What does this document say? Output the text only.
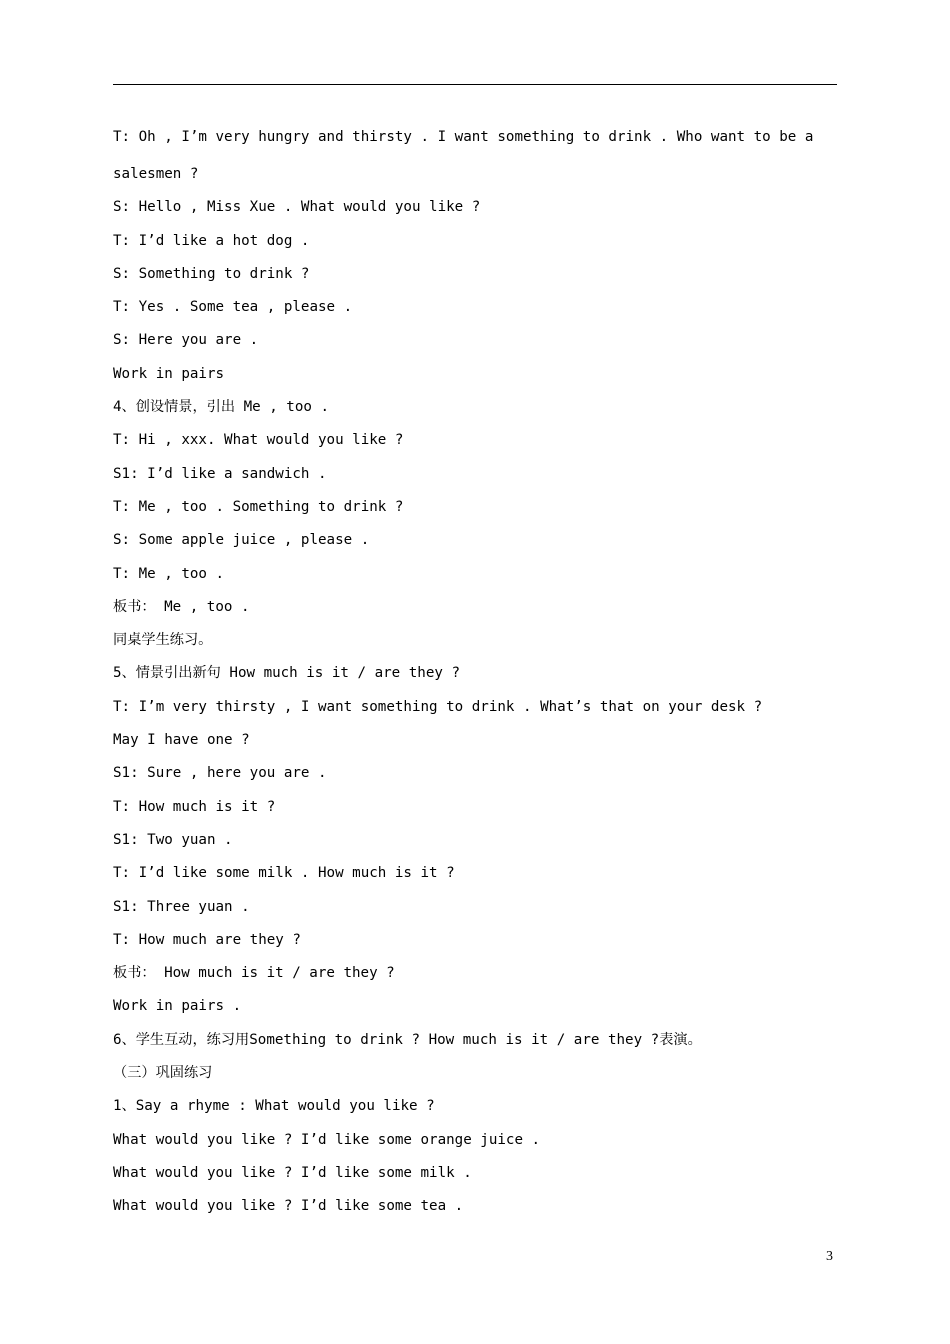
T: Oh , I’m very hungry and thirsty . I want something to drink . Who want to be a
salesmen ?
S: Hello , Miss Xue . What would you like ?
T: I’d like a hot dog .
S: Something to drink ?
T: Yes . Some tea , please .
S: Here you are .
Work in pairs
4、创设情景，引出 Me , too .
T: Hi , xxx. What would you like ?
S1: I’d like a sandwich .
T: Me , too . Something to drink ?
S: Some apple juice , please .
T: Me , too .
板书： Me , too .
同桌学生练习。
5、情景引出新句 How much is it / are they ?
T: I’m very thirsty , I want something to drink . What’s that on your desk ?
May I have one ?
S1: Sure , here you are .
T: How much is it ?
S1: Two yuan .
T: I’d like some milk . How much is it ?
S1: Three yuan .
T: How much are they ?
板书： How much is it / are they ?
Work in pairs .
6、学生互动，练习用Something to drink ? How much is it / are they ?表演。
（三）巩固练习
1、Say a rhyme : What would you like ?
What would you like ? I’d like some orange juice .
What would you like ? I’d like some milk .
What would you like ? I’d like some tea .
3
